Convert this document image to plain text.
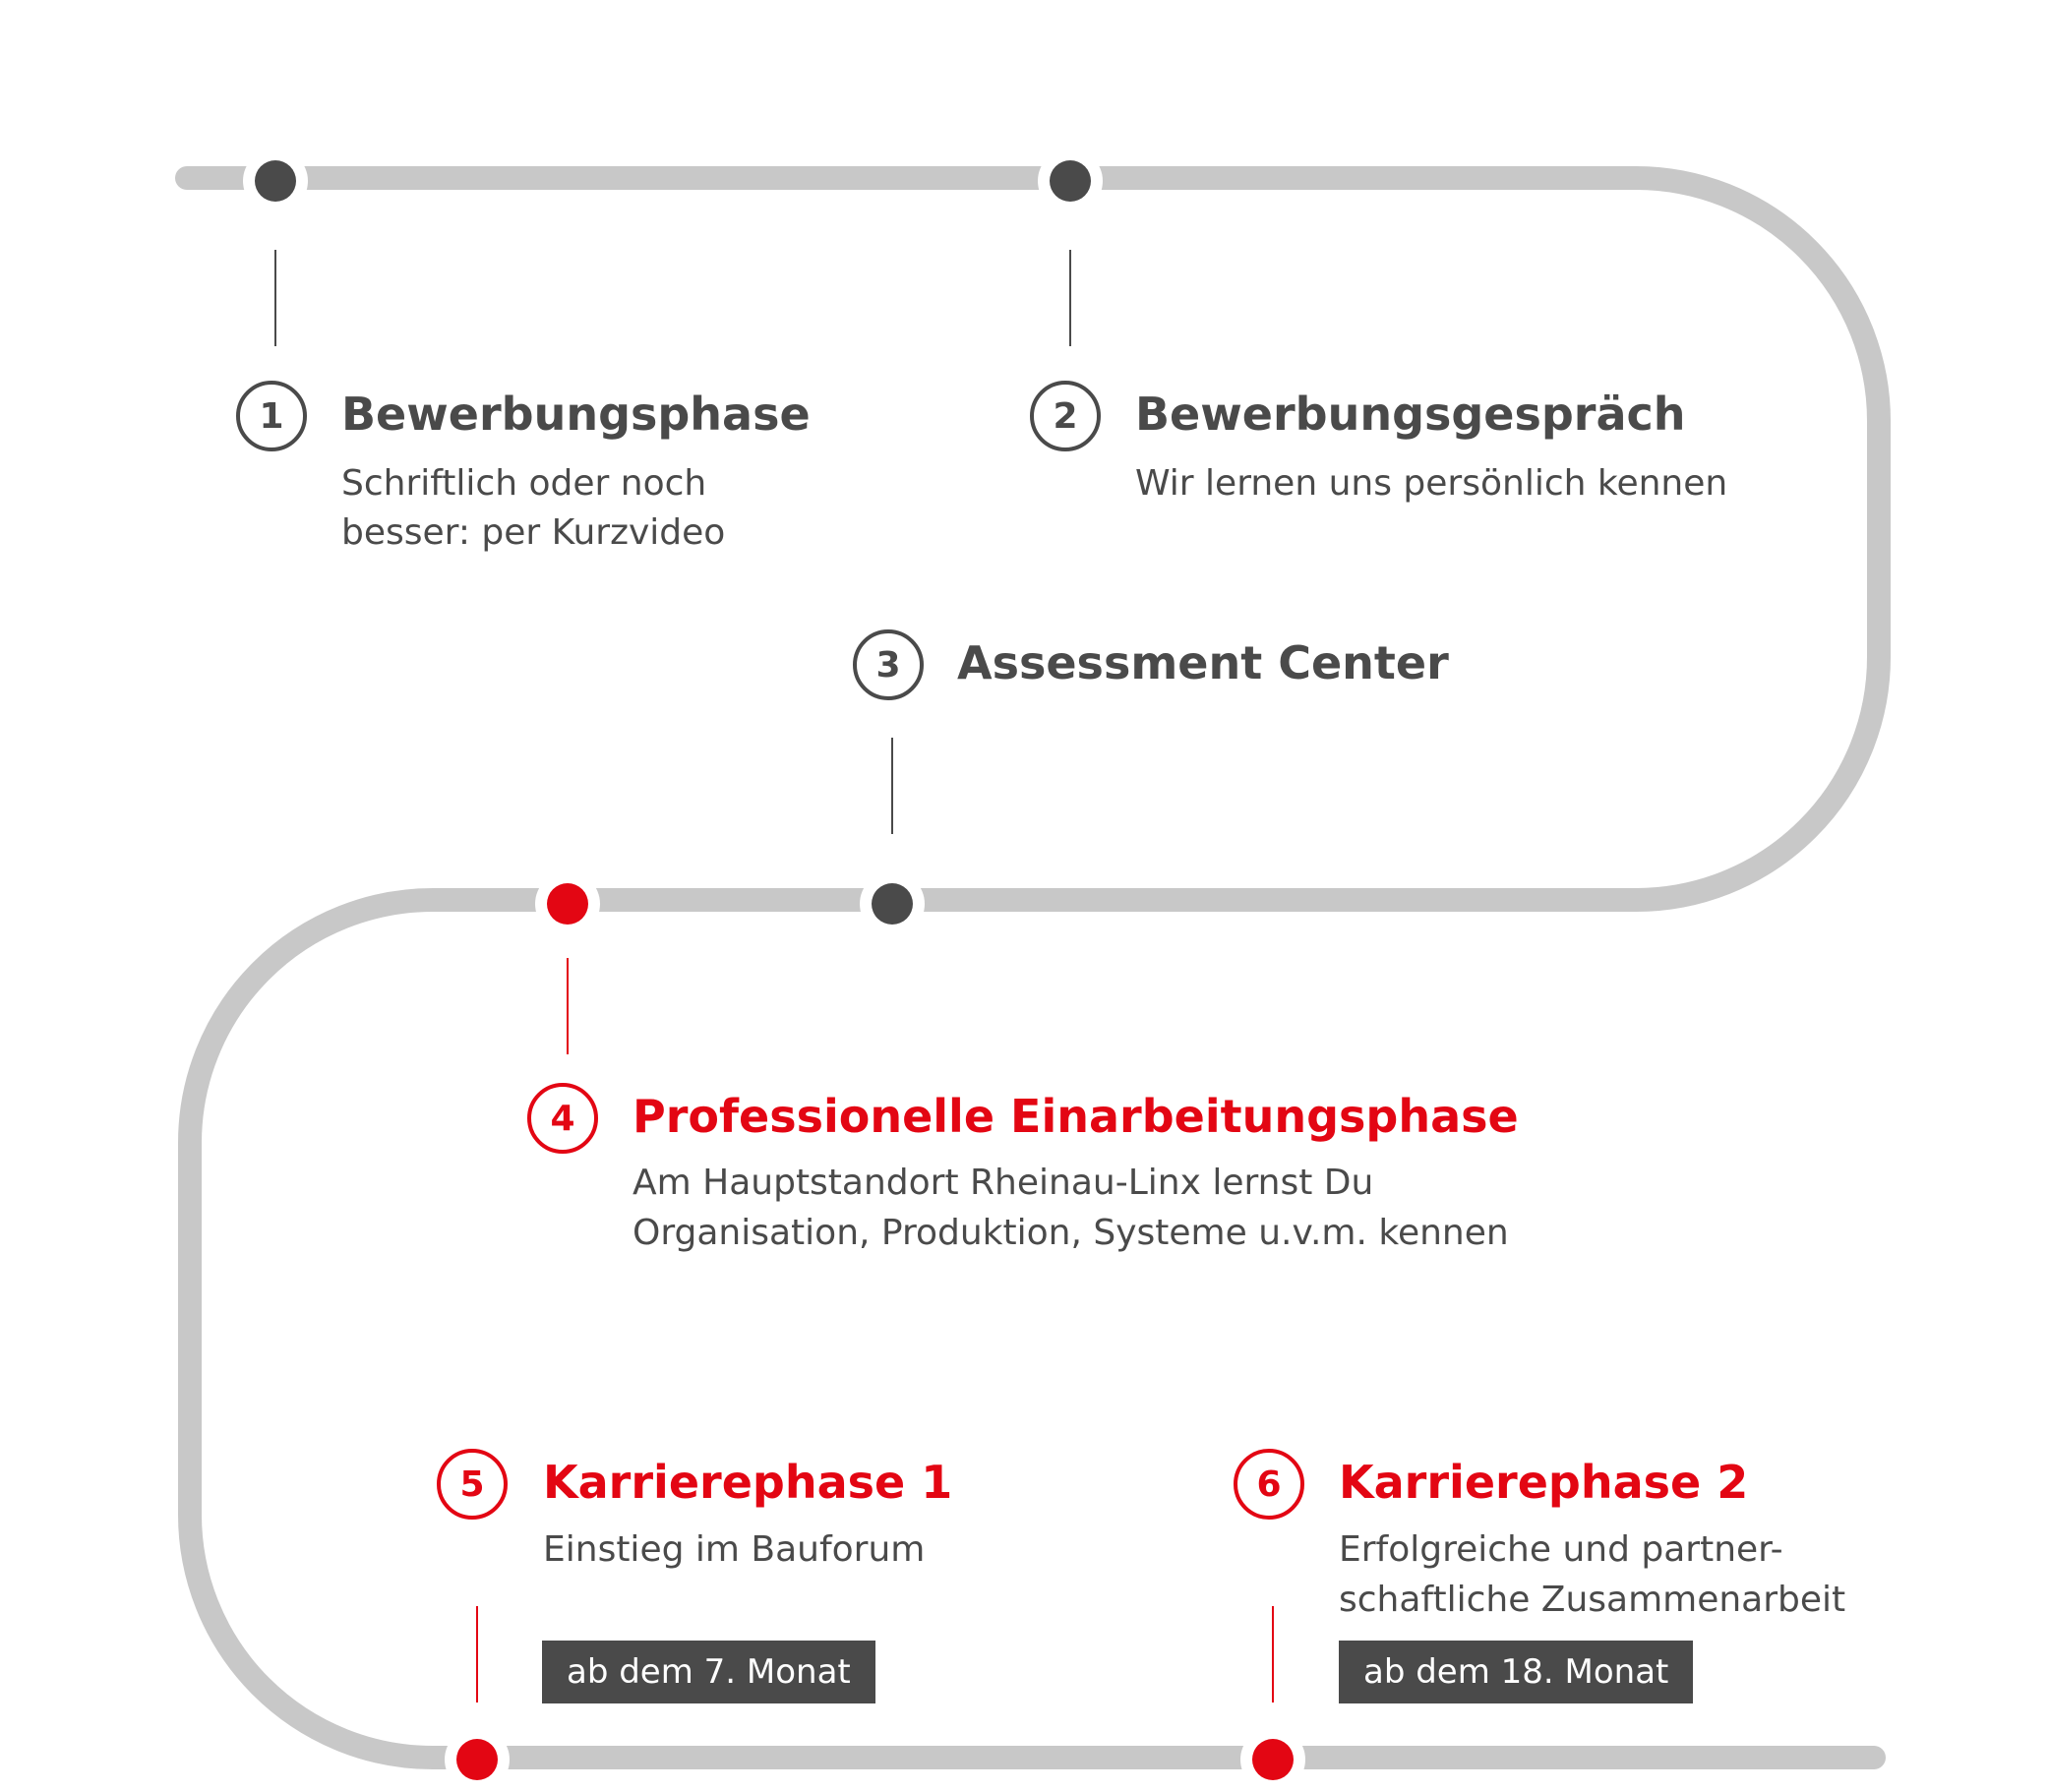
1	Bewerbungsphase
Schriftlich oder noch
besser: per Kurzvideo
2	Bewerbungsgespräch
Wir lernen uns persönlich kennen
3	Assessment Center
4	Professionelle Einarbeitungsphase
Am Hauptstandort Rheinau-Linx lernst Du
Organisation, Produktion, Systeme u.v.m. kennen
5	Karrierephase 1
Einstieg im Bauforum
ab dem 7. Monat
6	Karrierephase 2
Erfolgreiche und partner-
schaftliche Zusammenarbeit
ab dem 18. Monat
